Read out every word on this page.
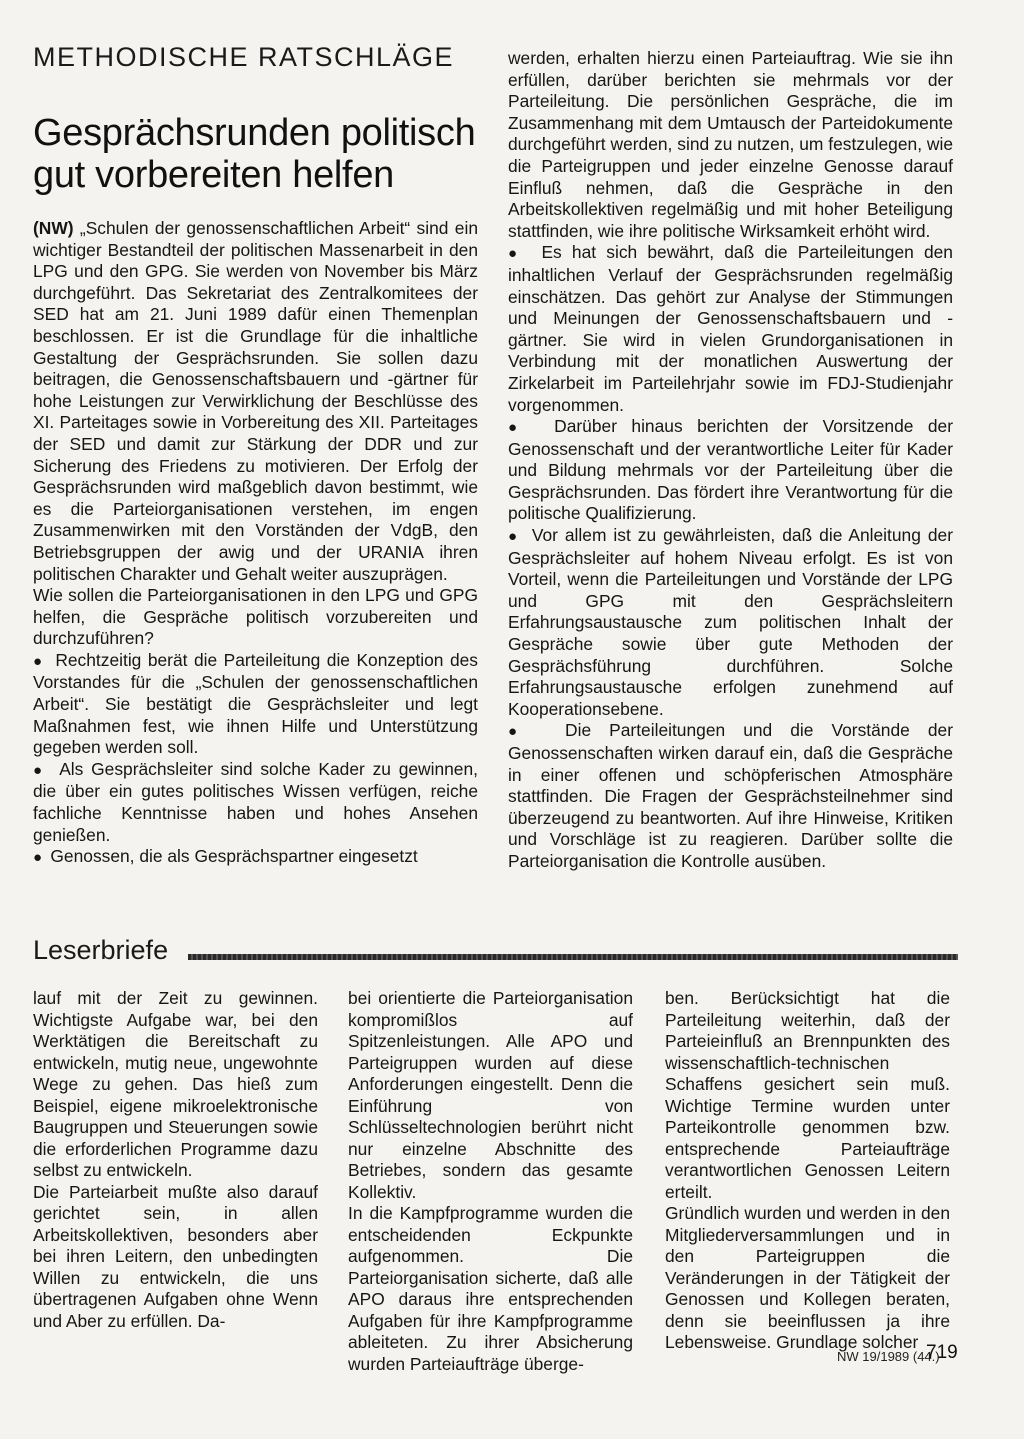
METHODISCHE RATSCHLÄGE
Gesprächsrunden politisch gut vorbereiten helfen

(NW) „Schulen der genossenschaftlichen Arbeit“ sind ein wichtiger Bestandteil der politischen Massenarbeit in den LPG und den GPG. Sie werden von November bis März durchgeführt. Das Sekretariat des Zentralkomitees der SED hat am 21. Juni 1989 dafür einen Themenplan beschlossen. Er ist die Grundlage für die inhaltliche Gestaltung der Gesprächsrunden. Sie sollen dazu beitragen, die Genossenschaftsbauern und -gärtner für hohe Leistungen zur Verwirklichung der Beschlüsse des XI. Parteitages sowie in Vorbereitung des XII. Parteitages der SED und damit zur Stärkung der DDR und zur Sicherung des Friedens zu motivieren. Der Erfolg der Gesprächsrunden wird maßgeblich davon bestimmt, wie es die Parteiorganisationen verstehen, im engen Zusammenwirken mit den Vorständen der VdgB, den Betriebsgruppen der awig und der URANIA ihren politischen Charakter und Gehalt weiter auszuprägen.

Wie sollen die Parteiorganisationen in den LPG und GPG helfen, die Gespräche politisch vorzubereiten und durchzuführen?

●  Rechtzeitig berät die Parteileitung die Konzeption des Vorstandes für die „Schulen der genossenschaftlichen Arbeit“. Sie bestätigt die Gesprächsleiter und legt Maßnahmen fest, wie ihnen Hilfe und Unterstützung gegeben werden soll.

●  Als Gesprächsleiter sind solche Kader zu gewinnen, die über ein gutes politisches Wissen verfügen, reiche fachliche Kenntnisse haben und hohes Ansehen genießen.

●  Genossen, die als Gesprächspartner eingesetzt

werden, erhalten hierzu einen Parteiauftrag. Wie sie ihn erfüllen, darüber berichten sie mehrmals vor der Parteileitung. Die persönlichen Gespräche, die im Zusammenhang mit dem Umtausch der Parteidokumente durchgeführt werden, sind zu nutzen, um festzulegen, wie die Parteigruppen und jeder einzelne Genosse darauf Einfluß nehmen, daß die Gespräche in den Arbeitskollektiven regelmäßig und mit hoher Beteiligung stattfinden, wie ihre politische Wirksamkeit erhöht wird.

●  Es hat sich bewährt, daß die Parteileitungen den inhaltlichen Verlauf der Gesprächsrunden regelmäßig einschätzen. Das gehört zur Analyse der Stimmungen und Meinungen der Genossenschaftsbauern und -gärtner. Sie wird in vielen Grundorganisationen in Verbindung mit der monatlichen Auswertung der Zirkelarbeit im Parteilehrjahr sowie im FDJ-Studienjahr vorgenommen.

●  Darüber hinaus berichten der Vorsitzende der Genossenschaft und der verantwortliche Leiter für Kader und Bildung mehrmals vor der Parteileitung über die Gesprächsrunden. Das fördert ihre Verantwortung für die politische Qualifizierung.

●  Vor allem ist zu gewährleisten, daß die Anleitung der Gesprächsleiter auf hohem Niveau erfolgt. Es ist von Vorteil, wenn die Parteileitungen und Vorstände der LPG und GPG mit den Gesprächsleitern Erfahrungsaustausche zum politischen Inhalt der Gespräche sowie über gute Methoden der Gesprächsführung durchführen. Solche Erfahrungsaustausche erfolgen zunehmend auf Kooperationsebene.

●  Die Parteileitungen und die Vorstände der Genossenschaften wirken darauf ein, daß die Gespräche in einer offenen und schöpferischen Atmosphäre stattfinden. Die Fragen der Gesprächsteilnehmer sind überzeugend zu beantworten. Auf ihre Hinweise, Kritiken und Vorschläge ist zu reagieren. Darüber sollte die Parteiorganisation die Kontrolle ausüben.

Leserbriefe

lauf mit der Zeit zu gewinnen. Wichtigste Aufgabe war, bei den Werktätigen die Bereitschaft zu entwickeln, mutig neue, ungewohnte Wege zu gehen. Das hieß zum Beispiel, eigene mikroelektronische Baugruppen und Steuerungen sowie die erforderlichen Programme dazu selbst zu entwickeln.

Die Parteiarbeit mußte also darauf gerichtet sein, in allen Arbeitskollektiven, besonders aber bei ihren Leitern, den unbedingten Willen zu entwickeln, die uns übertragenen Aufgaben ohne Wenn und Aber zu erfüllen. Da-

bei orientierte die Parteiorganisation kompromißlos auf Spitzenleistungen. Alle APO und Parteigruppen wurden auf diese Anforderungen eingestellt. Denn die Einführung von Schlüsseltechnologien berührt nicht nur einzelne Abschnitte des Betriebes, sondern das gesamte Kollektiv.

In die Kampfprogramme wurden die entscheidenden Eckpunkte aufgenommen. Die Parteiorganisation sicherte, daß alle APO daraus ihre entsprechenden Aufgaben für ihre Kampfprogramme ableiteten. Zu ihrer Absicherung wurden Parteiaufträge überge-

ben. Berücksichtigt hat die Parteileitung weiterhin, daß der Parteieinfluß an Brennpunkten des wissenschaftlich-technischen Schaffens gesichert sein muß. Wichtige Termine wurden unter Parteikontrolle genommen bzw. entsprechende Parteiaufträge verantwortlichen Genossen Leitern erteilt.

Gründlich wurden und werden in den Mitgliederversammlungen und in den Parteigruppen die Veränderungen in der Tätigkeit der Genossen und Kollegen beraten, denn sie beeinflussen ja ihre Lebensweise. Grundlage solcher

NW 19/1989 (44.)
719
